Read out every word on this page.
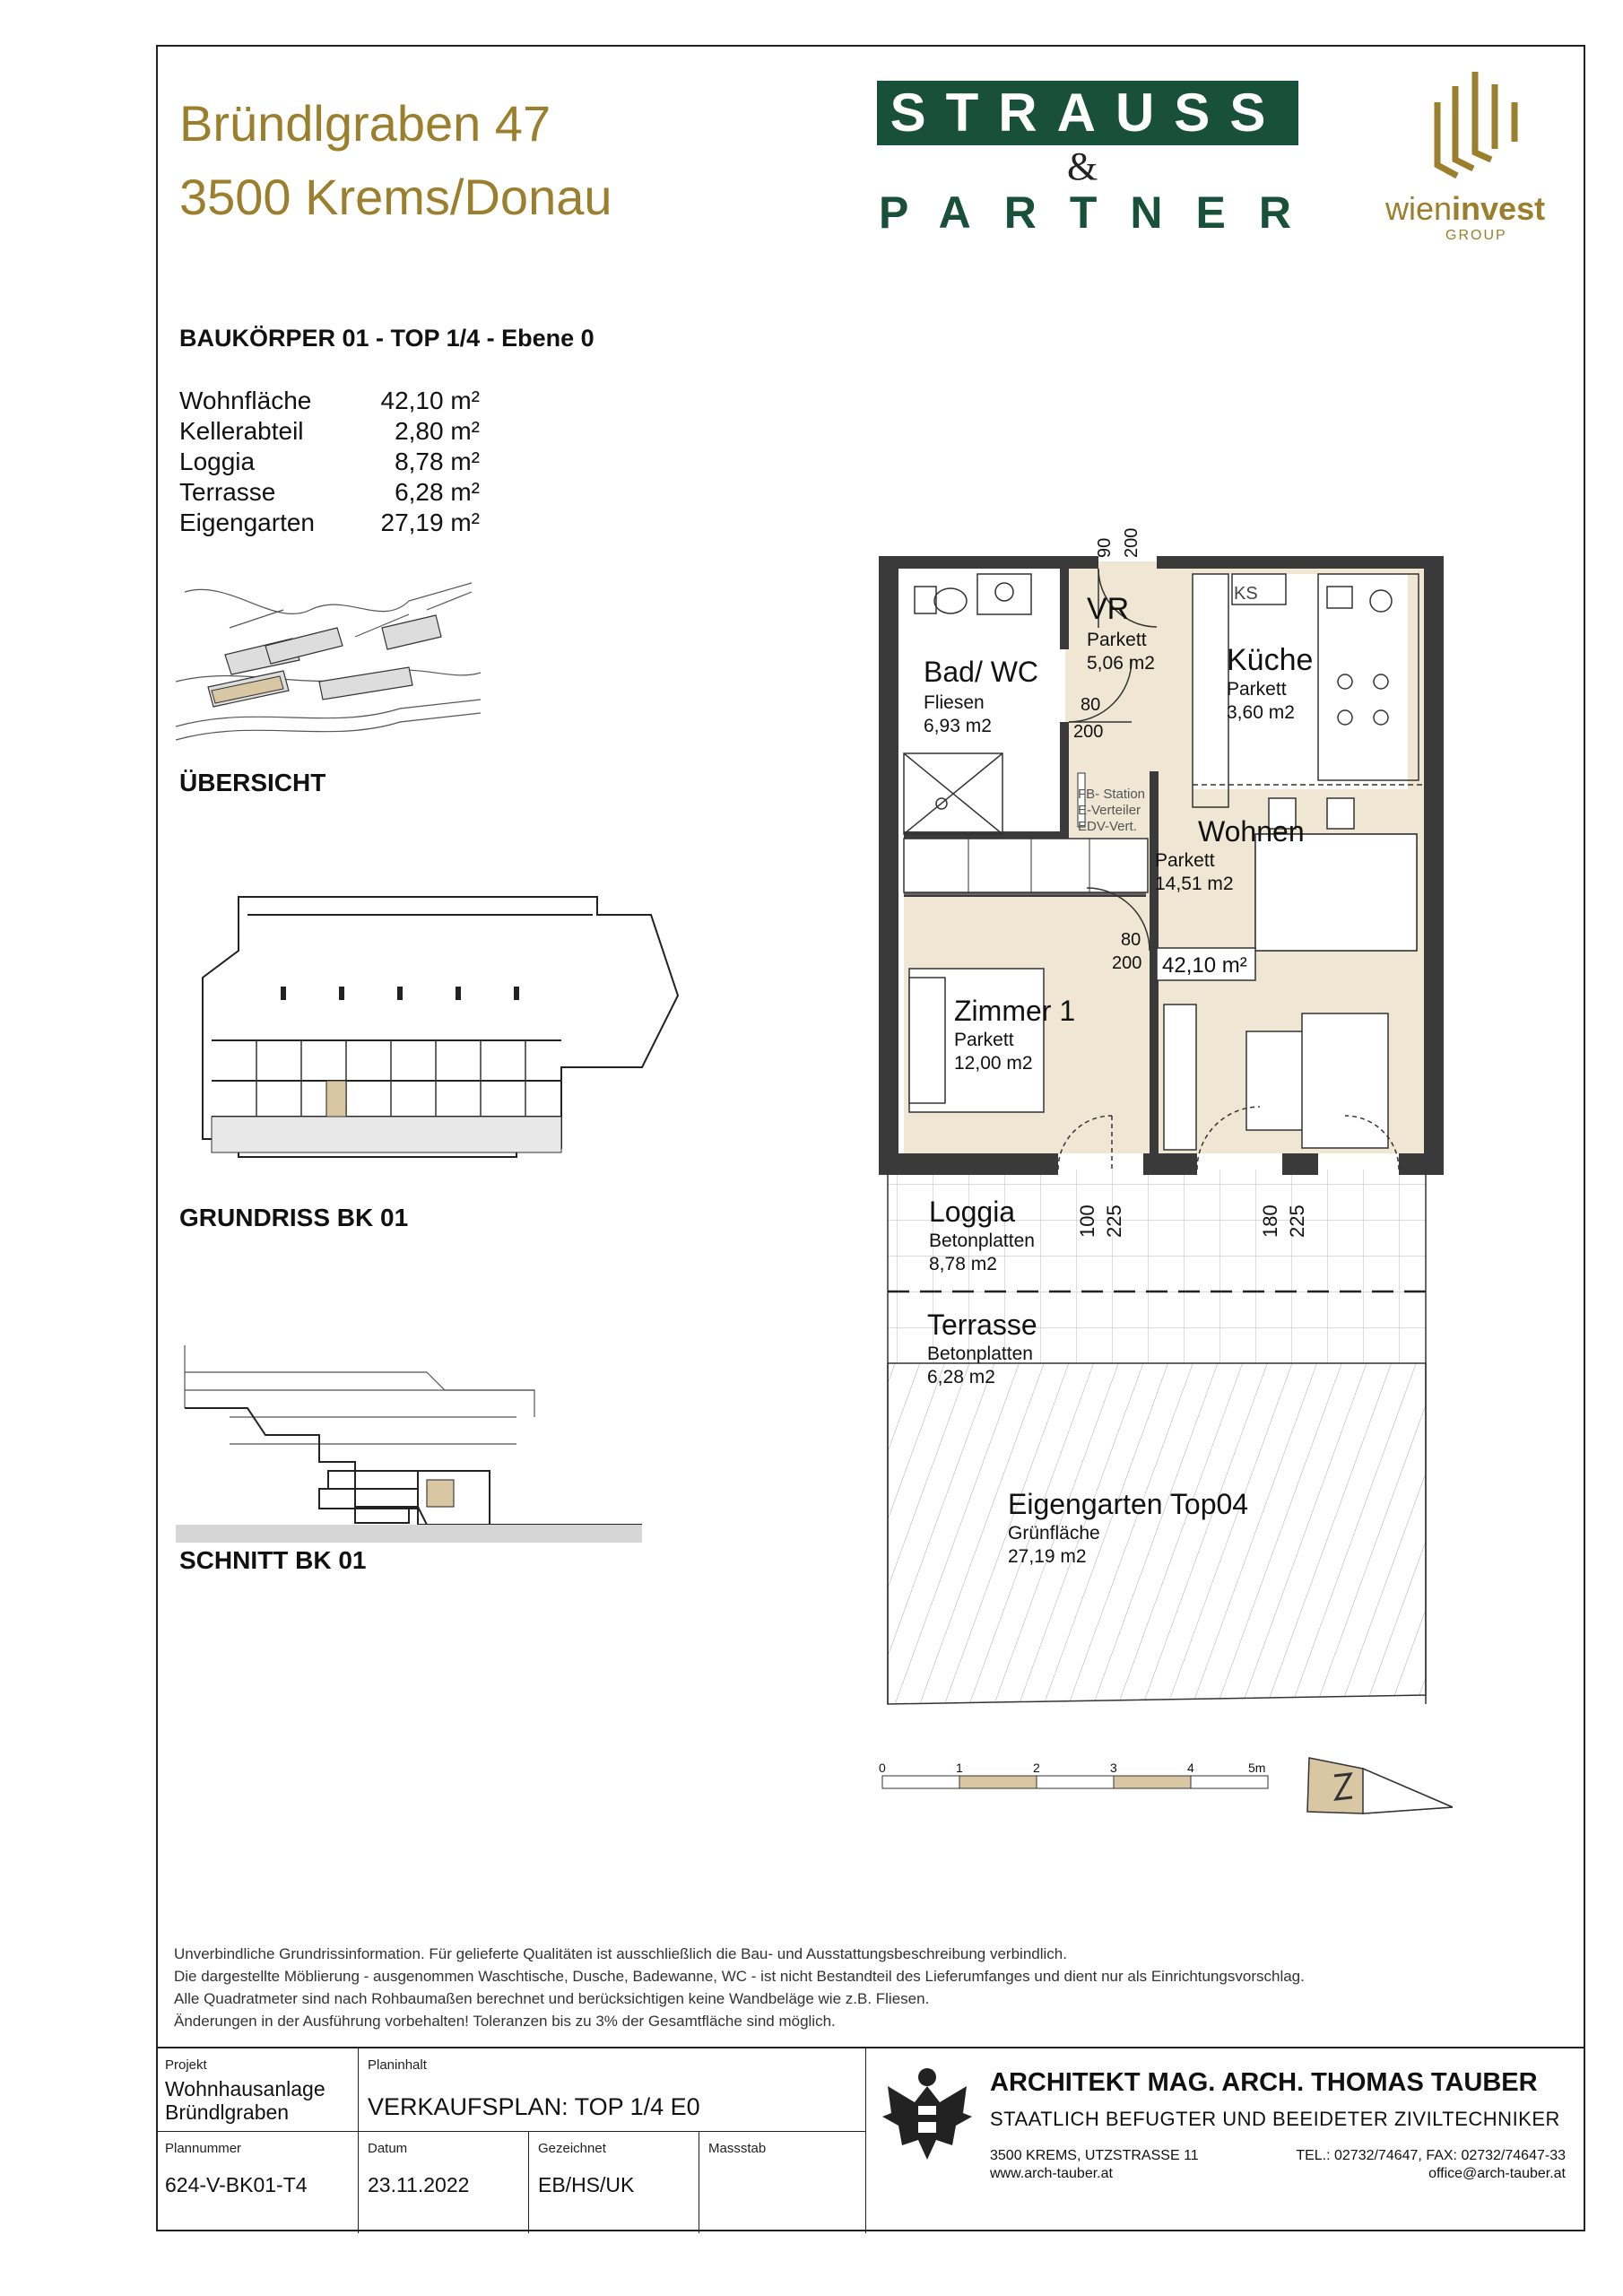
Bründlgraben 47
3500 Krems/Donau
STRAUSS
&
PARTNER wieninvest
GROUP
BAUKÖRPER 01 - TOP 1/4 - Ebene 0
Wohnfläche	42,10 m²
Kellerabteil	2,80 m²
Loggia	8,78 m²
Terrasse	6,28 m²
Eigengarten	27,19 m²
ÜBERSICHT
GRUNDRISS BK 01
SCHNITT BK 01
VR
Parkett
5,06 m2
Bad/ WC
Fliesen
6,93 m2
Küche
Parkett
3,60 m2
Wohnen
Parkett
14,51 m2
Zimmer 1
Parkett
12,00 m2
Loggia
Betonplatten
8,78 m2
Terrasse
Betonplatten
6,28 m2
Eigengarten Top04
Grünfläche
27,19 m2
42,10 m²
KS
FB- Station
E-Verteiler
EDV-Vert.
80
200
80
200
90 200
100 225	180 225
0	1	2	3	4	5m
Unverbindliche Grundrissinformation. Für gelieferte Qualitäten ist ausschließlich die Bau- und Ausstattungsbeschreibung verbindlich.
Die dargestellte Möblierung - ausgenommen Waschtische, Dusche, Badewanne, WC - ist nicht Bestandteil des Lieferumfanges und dient nur als Einrichtungsvorschlag.
Alle Quadratmeter sind nach Rohbaumaßen berechnet und berücksichtigen keine Wandbeläge wie z.B. Fliesen.
Änderungen in der Ausführung vorbehalten! Toleranzen bis zu 3% der Gesamtfläche sind möglich.
Projekt
Wohnhausanlage
Bründlgraben
Planinhalt
VERKAUFSPLAN: TOP 1/4 E0
Plannummer
624-V-BK01-T4
Datum
23.11.2022
Gezeichnet
EB/HS/UK
Massstab
ARCHITEKT MAG. ARCH. THOMAS TAUBER
STAATLICH BEFUGTER UND BEEIDETER ZIVILTECHNIKER
3500 KREMS, UTZSTRASSE 11
www.arch-tauber.at
TEL.: 02732/74647, FAX: 02732/74647-33
office@arch-tauber.at
